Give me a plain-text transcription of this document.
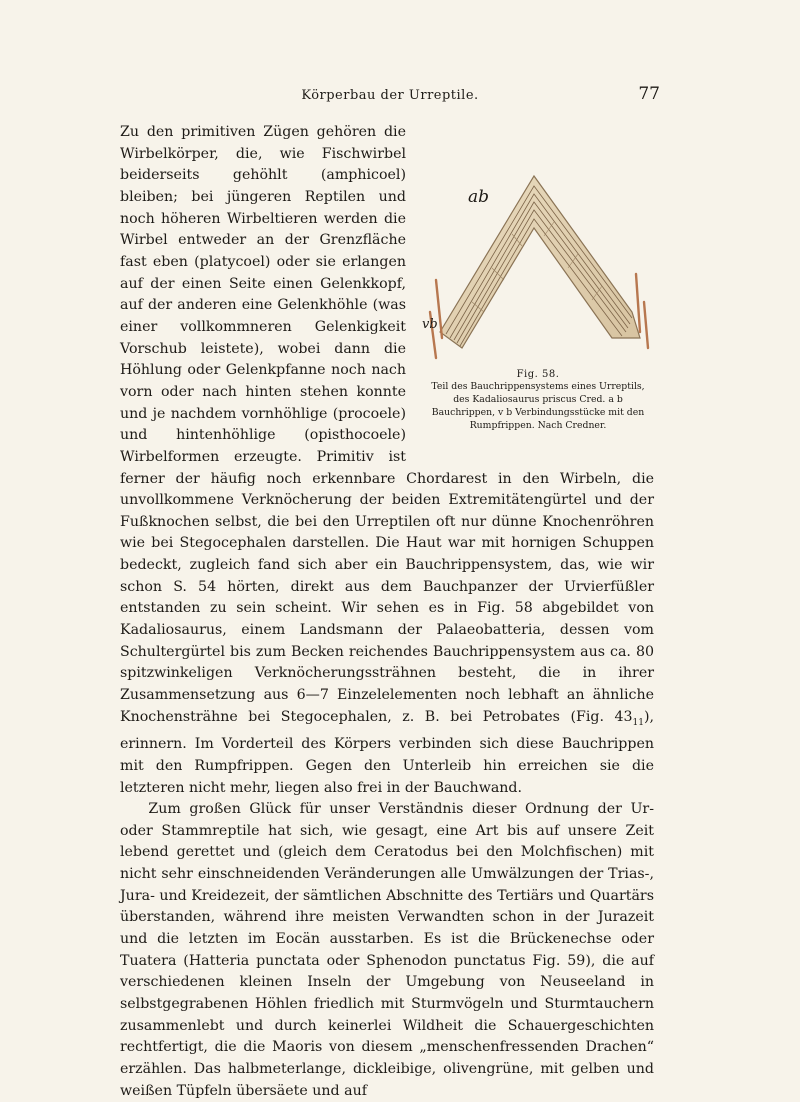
Körperbau der Urreptile.	77
ab
vb
Fig. 58.
Teil des Bauchrippensystems eines Urreptils, des Kadaliosaurus priscus Cred. a b Bauchrippen, v b Verbindungsstücke mit den Rumpfrippen. Nach Credner.

Zu den primitiven Zügen gehören die Wirbelkörper, die, wie Fischwirbel beiderseits gehöhlt (amphicoel) bleiben; bei jüngeren Reptilen und noch höheren Wirbeltieren werden die Wirbel entweder an der Grenzfläche fast eben (platycoel) oder sie erlangen auf der einen Seite einen Gelenkkopf, auf der anderen eine Gelenkhöhle (was einer vollkommneren Gelenkigkeit Vorschub leistete), wobei dann die Höhlung oder Gelenkpfanne noch nach vorn oder nach hinten stehen konnte und je nachdem vornhöhlige (procoele) und hintenhöhlige (opisthocoele) Wirbelformen erzeugte. Primitiv ist ferner der häufig noch erkennbare Chordarest in den Wirbeln, die unvollkommene Verknöcherung der beiden Extremitätengürtel und der Fußknochen selbst, die bei den Urreptilen oft nur dünne Knochenröhren wie bei Stegocephalen darstellen. Die Haut war mit hornigen Schuppen bedeckt, zugleich fand sich aber ein Bauchrippensystem, das, wie wir schon S. 54 hörten, direkt aus dem Bauchpanzer der Urvierfüßler entstanden zu sein scheint. Wir sehen es in Fig. 58 abgebildet von Kadaliosaurus, einem Landsmann der Palaeobatteria, dessen vom Schultergürtel bis zum Becken reichendes Bauchrippensystem aus ca. 80 spitzwinkeligen Verknöcherungssträhnen besteht, die in ihrer Zusammensetzung aus 6—7 Einzelelementen noch lebhaft an ähnliche Knochensträhne bei Stegocephalen, z. B. bei Petrobates (Fig. $43_{11}$), erinnern. Im Vorderteil des Körpers verbinden sich diese Bauchrippen mit den Rumpfrippen. Gegen den Unterleib hin erreichen sie die letzteren nicht mehr, liegen also frei in der Bauchwand.

Zum großen Glück für unser Verständnis dieser Ordnung der Ur- oder Stammreptile hat sich, wie gesagt, eine Art bis auf unsere Zeit lebend gerettet und (gleich dem Ceratodus bei den Molchfischen) mit nicht sehr einschneidenden Veränderungen alle Umwälzungen der Trias-, Jura- und Kreidezeit, der sämtlichen Abschnitte des Tertiärs und Quartärs überstanden, während ihre meisten Verwandten schon in der Jurazeit und die letzten im Eocän ausstarben. Es ist die Brückenechse oder Tuatera (Hatteria punctata oder Sphenodon punctatus Fig. 59), die auf verschiedenen kleinen Inseln der Umgebung von Neuseeland in selbstgegrabenen Höhlen friedlich mit Sturmvögeln und Sturmtauchern zusammenlebt und durch keinerlei Wildheit die Schauergeschichten rechtfertigt, die die Maoris von diesem „menschenfressenden Drachen“ erzählen. Das halbmeterlange, dickleibige, olivengrüne, mit gelben und weißen Tüpfeln übersäete und auf
